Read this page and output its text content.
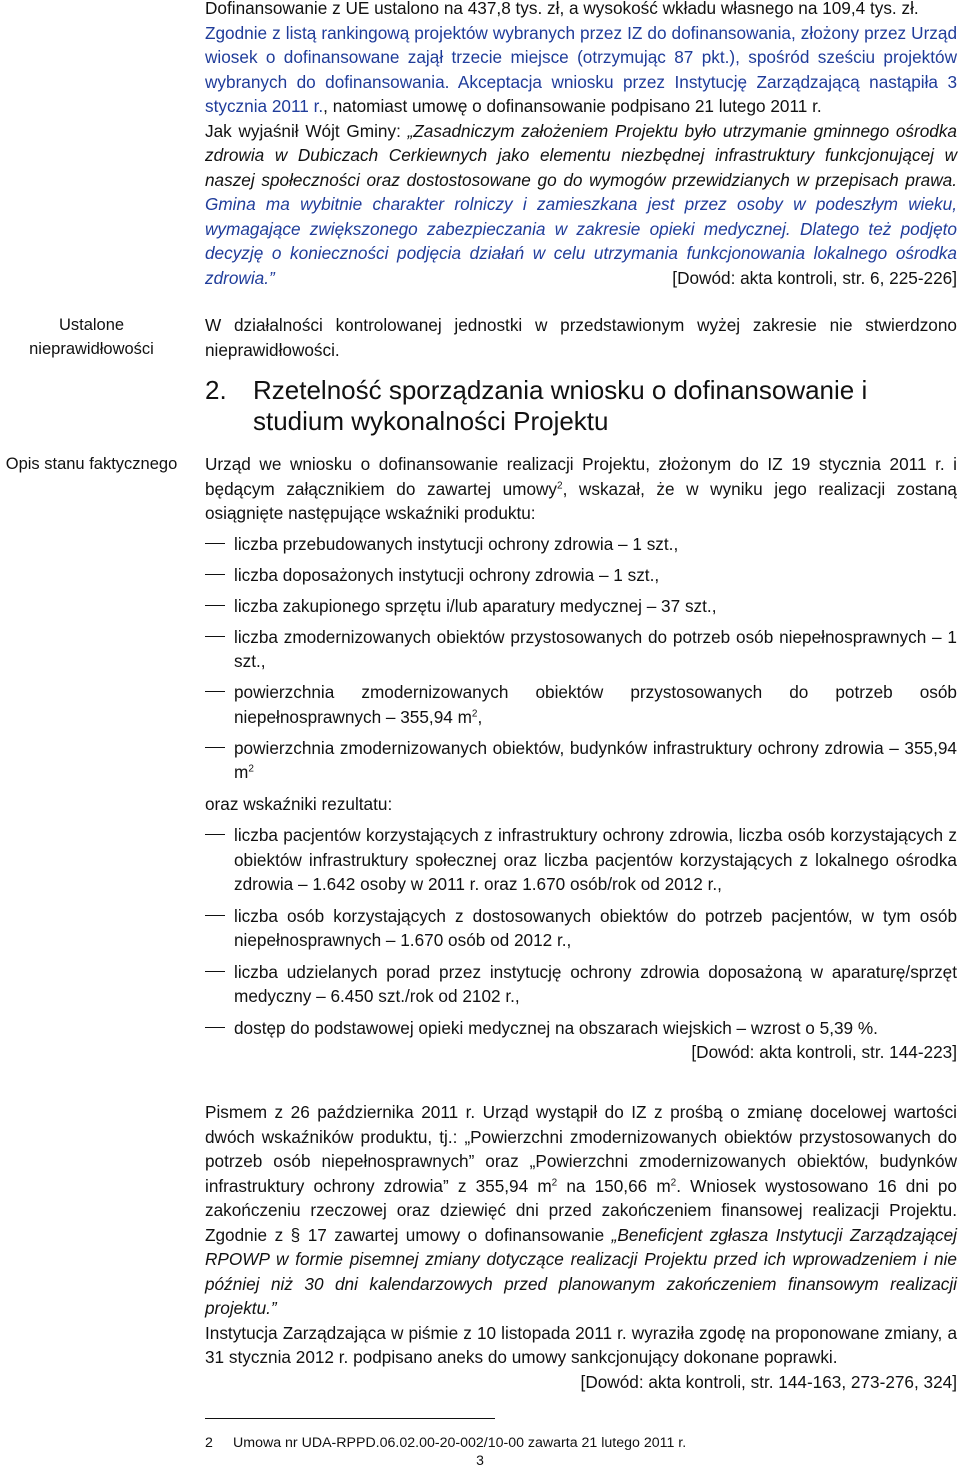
Ustalone
nieprawidłowości
Opis stanu faktycznego
Dofinansowanie z UE ustalono na 437,8 tys. zł, a wysokość wkładu własnego na 109,4 tys. zł.
Zgodnie z listą rankingową projektów wybranych przez IZ do dofinansowania, złożony przez Urząd wiosek o dofinansowane zajął trzecie miejsce (otrzymując 87 pkt.), spośród sześciu projektów wybranych do dofinansowania. Akceptacja wniosku przez Instytucję Zarządzającą nastąpiła 3 stycznia 2011 r., natomiast umowę o dofinansowanie podpisano 21 lutego 2011 r.
Jak wyjaśnił Wójt Gminy: „Zasadniczym założeniem Projektu było utrzymanie gminnego ośrodka zdrowia w Dubiczach Cerkiewnych jako elementu niezbędnej infrastruktury funkcjonującej w naszej społeczności oraz dostostosowane go do wymogów przewidzianych w przepisach prawa. Gmina ma wybitnie charakter rolniczy i zamieszkana jest przez osoby w podeszłym wieku, wymagające zwiększonego zabezpieczania w zakresie opieki medycznej. Dlatego też podjęto decyzję o konieczności podjęcia działań w celu utrzymania funkcjonowania lokalnego ośrodka zdrowia.”	[Dowód: akta kontroli, str. 6, 225-226]
W działalności kontrolowanej jednostki w przedstawionym wyżej zakresie nie stwierdzono nieprawidłowości.
2.	Rzetelność sporządzania wniosku o dofinansowanie i studium wykonalności Projektu
Urząd we wniosku o dofinansowanie realizacji Projektu, złożonym do IZ 19 stycznia 2011 r. i będącym załącznikiem do zawartej umowy$^2$, wskazał, że w wyniku jego realizacji zostaną osiągnięte następujące wskaźniki produktu:
liczba przebudowanych instytucji ochrony zdrowia – 1 szt.,
liczba doposażonych instytucji ochrony zdrowia – 1 szt.,
liczba zakupionego sprzętu i/lub aparatury medycznej – 37 szt.,
liczba zmodernizowanych obiektów przystosowanych do potrzeb osób niepełnosprawnych – 1 szt.,
powierzchnia zmodernizowanych obiektów przystosowanych do potrzeb osób niepełnosprawnych – 355,94 $m^2$,
powierzchnia zmodernizowanych obiektów, budynków infrastruktury ochrony zdrowia – 355,94 $m^2$
oraz wskaźniki rezultatu:
liczba pacjentów korzystających z infrastruktury ochrony zdrowia, liczba osób korzystających z obiektów infrastruktury społecznej oraz liczba pacjentów korzystających z lokalnego ośrodka zdrowia – 1.642 osoby w 2011 r. oraz 1.670 osób/rok od 2012 r.,
liczba osób korzystających z dostosowanych obiektów do potrzeb pacjentów, w tym osób niepełnosprawnych – 1.670 osób od 2012 r.,
liczba udzielanych porad przez instytucję ochrony zdrowia doposażoną w aparaturę/sprzęt medyczny – 6.450 szt./rok od 2102 r.,
dostęp do podstawowej opieki medycznej na obszarach wiejskich – wzrost o 5,39 %.
[Dowód: akta kontroli, str. 144-223]
Pismem z 26 października 2011 r. Urząd wystąpił do IZ z prośbą o zmianę docelowej wartości dwóch wskaźników produktu, tj.: „Powierzchni zmodernizowanych obiektów przystosowanych do potrzeb osób niepełnosprawnych” oraz „Powierzchni zmodernizowanych obiektów, budynków infrastruktury ochrony zdrowia” z 355,94 $m^2$ na 150,66 $m^2$. Wniosek wystosowano 16 dni po zakończeniu rzeczowej oraz dziewięć dni przed zakończeniem finansowej realizacji Projektu. Zgodnie z § 17 zawartej umowy o dofinansowanie „Beneficjent zgłasza Instytucji Zarządzającej RPOWP w formie pisemnej zmiany dotyczące realizacji Projektu przed ich wprowadzeniem i nie później niż 30 dni kalendarzowych przed planowanym zakończeniem finansowym realizacji projektu.”
Instytucja Zarządzająca w piśmie z 10 listopada 2011 r. wyraziła zgodę na proponowane zmiany, a 31 stycznia 2012 r. podpisano aneks do umowy sankcjonujący dokonane poprawki.
[Dowód: akta kontroli, str. 144-163, 273-276, 324]
2 Umowa nr UDA-RPPD.06.02.00-20-002/10-00 zawarta 21 lutego 2011 r.
3
